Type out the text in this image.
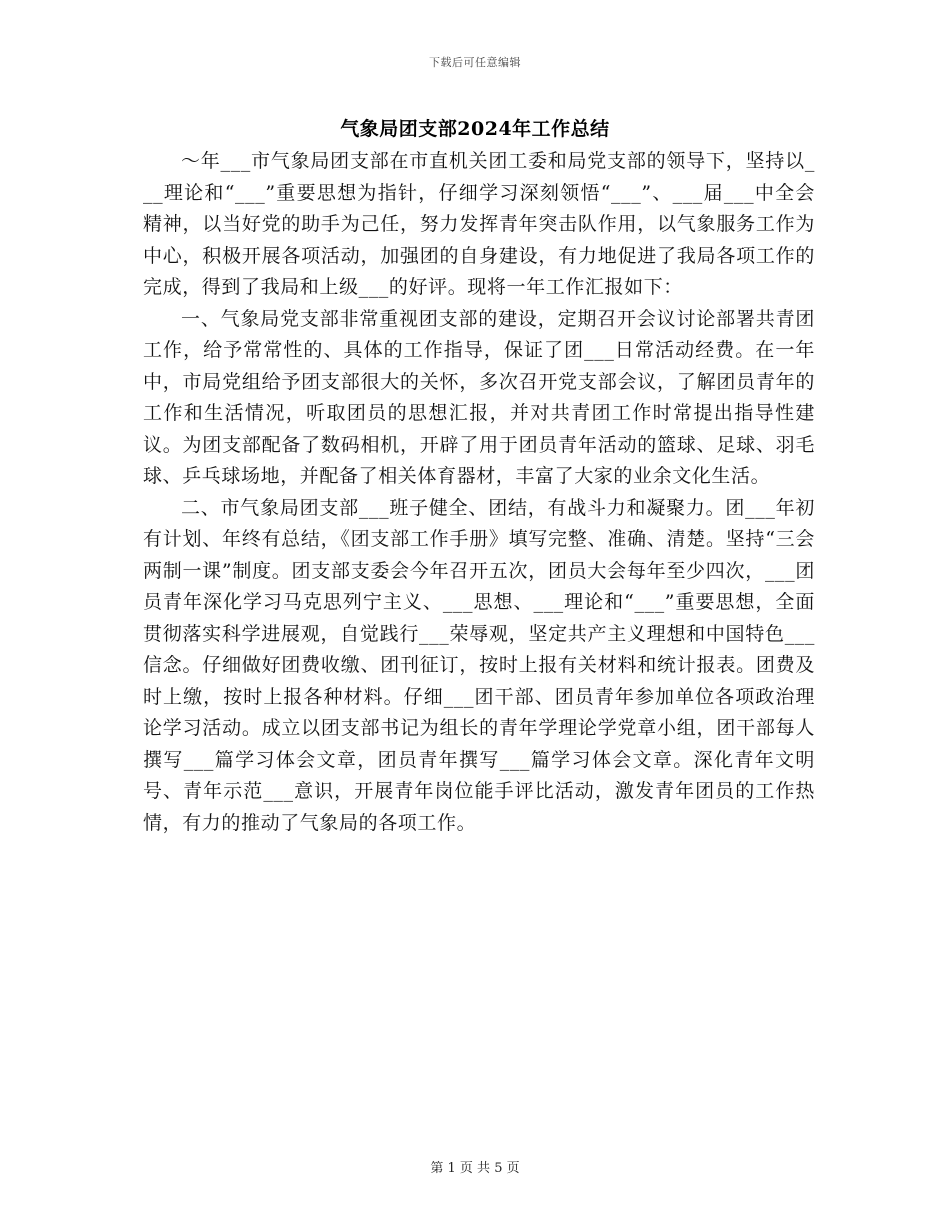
下载后可任意编辑
气象局团支部2024年工作总结

～年___市气象局团支部在市直机关团工委和局党支部的领导下，坚持以___理论和“___”重要思想为指针，仔细学习深刻领悟“___”、___届___中全会精神，以当好党的助手为己任，努力发挥青年突击队作用，以气象服务工作为中心，积极开展各项活动，加强团的自身建设，有力地促进了我局各项工作的完成，得到了我局和上级___的好评。现将一年工作汇报如下：

一、气象局党支部非常重视团支部的建设，定期召开会议讨论部署共青团工作，给予常常性的、具体的工作指导，保证了团___日常活动经费。在一年中，市局党组给予团支部很大的关怀，多次召开党支部会议，了解团员青年的工作和生活情况，听取团员的思想汇报，并对共青团工作时常提出指导性建议。为团支部配备了数码相机，开辟了用于团员青年活动的篮球、足球、羽毛球、乒乓球场地，并配备了相关体育器材，丰富了大家的业余文化生活。

二、市气象局团支部___班子健全、团结，有战斗力和凝聚力。团___年初有计划、年终有总结，《团支部工作手册》填写完整、准确、清楚。坚持“三会两制一课”制度。团支部支委会今年召开五次，团员大会每年至少四次，___团员青年深化学习马克思列宁主义、___思想、___理论和“___”重要思想，全面贯彻落实科学进展观，自觉践行___荣辱观，坚定共产主义理想和中国特色___信念。仔细做好团费收缴、团刊征订，按时上报有关材料和统计报表。团费及时上缴，按时上报各种材料。仔细___团干部、团员青年参加单位各项政治理论学习活动。成立以团支部书记为组长的青年学理论学党章小组，团干部每人撰写___篇学习体会文章，团员青年撰写___篇学习体会文章。深化青年文明号、青年示范___意识，开展青年岗位能手评比活动，激发青年团员的工作热情，有力的推动了气象局的各项工作。

第 1 页 共 5 页
